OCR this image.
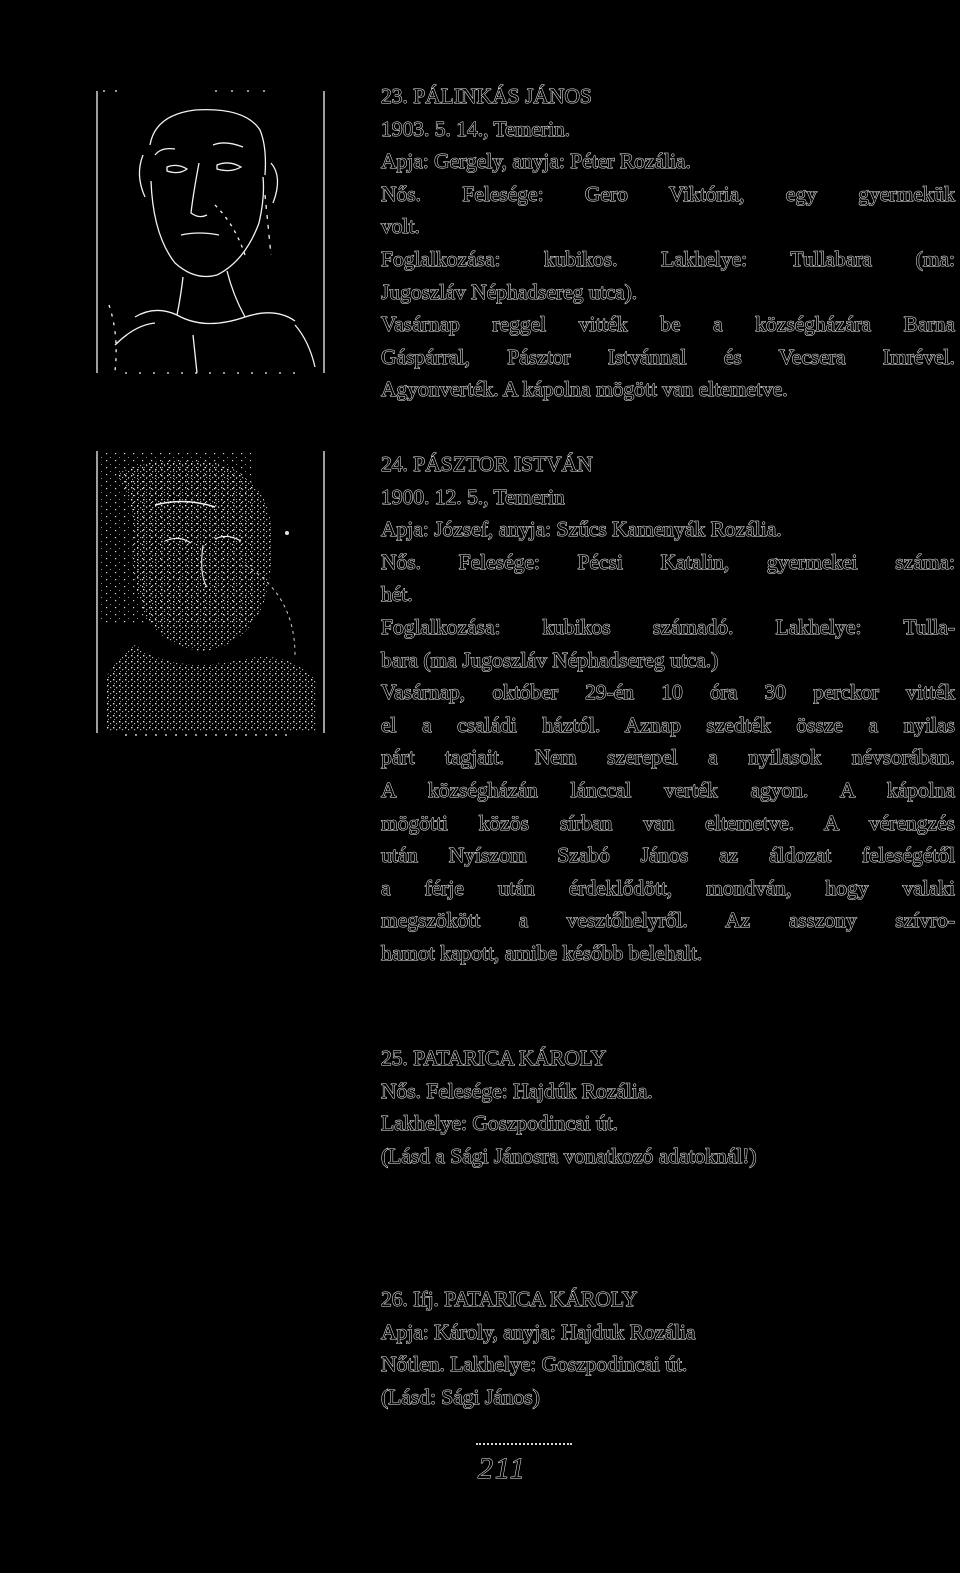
23. PÁLINKÁS JÁNOS
1903. 5. 14., Temerin.
Apja: Gergely, anyja: Péter Rozália.
Nős. Felesége: Gero Viktória, egy gyermekük
volt.
Foglalkozása: kubikos. Lakhelye: Tullabara (ma:
Jugoszláv Néphadsereg utca).
Vasárnap reggel vitték be a községházára Barna
Gáspárral, Pásztor Istvánnal és Vecsera Imrével.
Agyonverték. A kápolna mögött van eltemetve.
24. PÁSZTOR ISTVÁN
1900. 12. 5., Temerin
Apja: József, anyja: Szűcs Kamenyák Rozália.
Nős. Felesége: Pécsi Katalin, gyermekei száma:
hét.
Foglalkozása: kubikos számadó. Lakhelye: Tulla-
bara (ma Jugoszláv Néphadsereg utca.)
Vasárnap, október 29-én 10 óra 30 perckor vitték
el a családi háztól. Aznap szedték össze a nyilas
párt tagjait. Nem szerepel a nyilasok névsorában.
A községházán lánccal verték agyon. A kápolna
mögötti közös sírban van eltemetve. A vérengzés
után Nyíszom Szabó János az áldozat feleségétől
a férje után érdeklődött, mondván, hogy valaki
megszökött a vesztőhelyről. Az asszony szívro-
hamot kapott, amibe később belehalt.
25. PATARICA KÁROLY
Nős. Felesége: Hajdúk Rozália.
Lakhelye: Goszpodincai út.
(Lásd a Sági Jánosra vonatkozó adatoknál!)
26. Ifj. PATARICA KÁROLY
Apja: Károly, anyja: Hajduk Rozália
Nőtlen. Lakhelye: Goszpodincai út.
(Lásd: Sági János)
211
